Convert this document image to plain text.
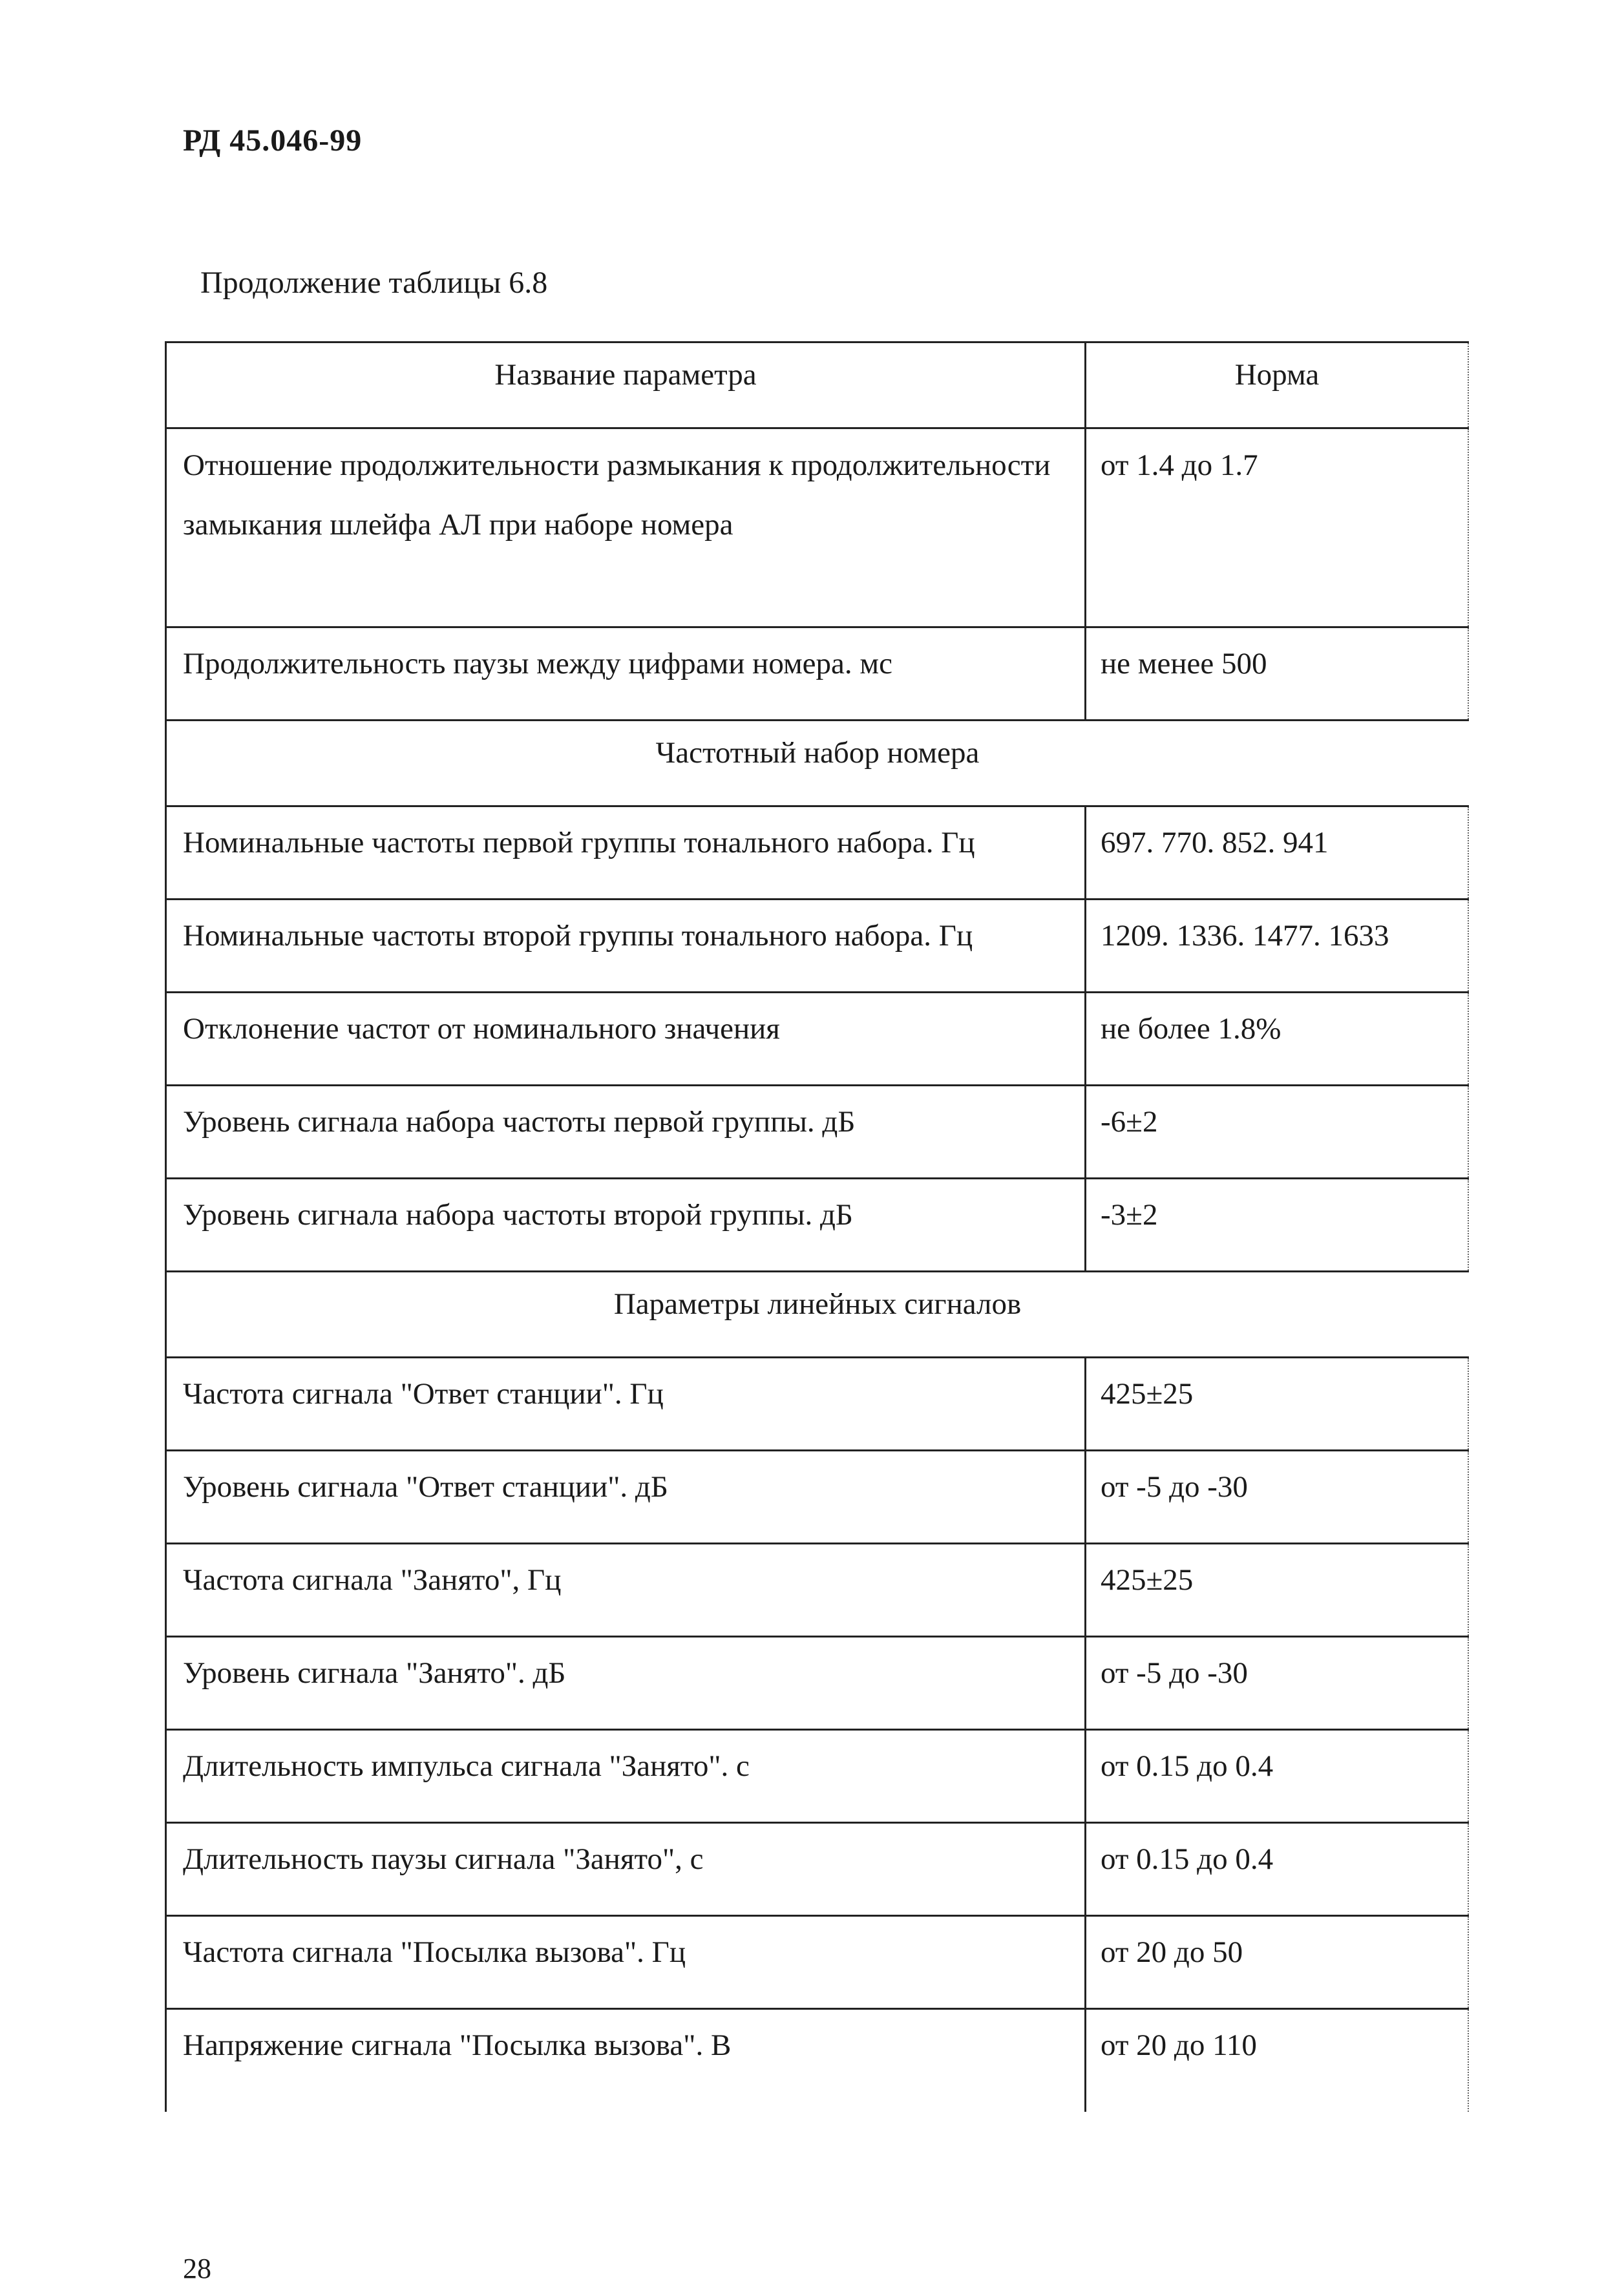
РД 45.046-99
Продолжение таблицы 6.8
Название параметра	Норма
Отношение продолжительности размыкания к продолжительности замыкания шлейфа АЛ при наборе номера	от 1.4 до 1.7
Продолжительность паузы между цифрами номера. мс	не менее 500
Частотный набор номера	
Номинальные частоты первой группы тонального набора. Гц	697. 770. 852. 941
Номинальные частоты второй группы тонального набора. Гц	1209. 1336. 1477. 1633
Отклонение частот от номинального значения	не более 1.8%
Уровень сигнала набора частоты первой группы. дБ	-6±2
Уровень сигнала набора частоты второй группы. дБ	-3±2
Параметры линейных сигналов	
Частота сигнала "Ответ станции". Гц	425±25
Уровень сигнала "Ответ станции". дБ	от -5 до -30
Частота сигнала "Занято", Гц	425±25
Уровень сигнала "Занято". дБ	от -5 до -30
Длительность импульса сигнала "Занято". с	от 0.15 до 0.4
Длительность паузы сигнала "Занято", с	от 0.15 до 0.4
Частота сигнала "Посылка вызова". Гц	от 20 до 50
Напряжение сигнала "Посылка вызова". В	от 20 до 110
28
